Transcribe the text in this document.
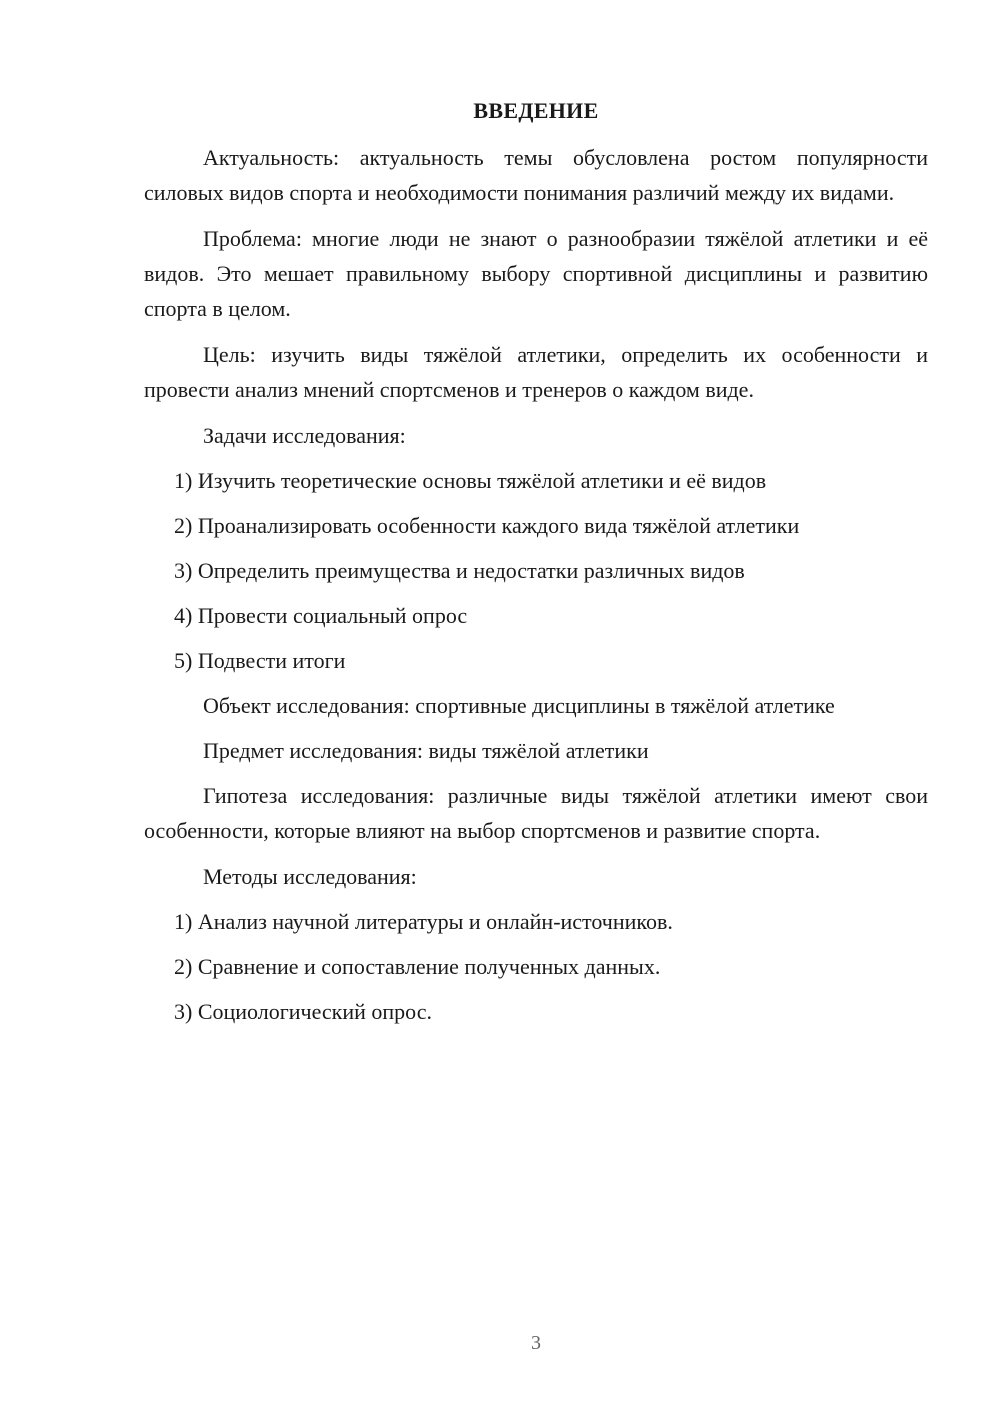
ВВЕДЕНИЕ

Актуальность: актуальность темы обусловлена ростом популярности силовых видов спорта и необходимости понимания различий между их видами.

Проблема: многие люди не знают о разнообразии тяжёлой атлетики и её видов. Это мешает правильному выбору спортивной дисциплины и развитию спорта в целом.

Цель: изучить виды тяжёлой атлетики, определить их особенности и провести анализ мнений спортсменов и тренеров о каждом виде.

Задачи исследования:
1) Изучить теоретические основы тяжёлой атлетики и её видов
2) Проанализировать особенности каждого вида тяжёлой атлетики
3) Определить преимущества и недостатки различных видов
4) Провести социальный опрос
5) Подвести итоги
Объект исследования: спортивные дисциплины в тяжёлой атлетике
Предмет исследования: виды тяжёлой атлетики

Гипотеза исследования: различные виды тяжёлой атлетики имеют свои особенности, которые влияют на выбор спортсменов и развитие спорта.

Методы исследования:
1) Анализ научной литературы и онлайн-источников.
2) Сравнение и сопоставление полученных данных.
3) Социологический опрос.
3
